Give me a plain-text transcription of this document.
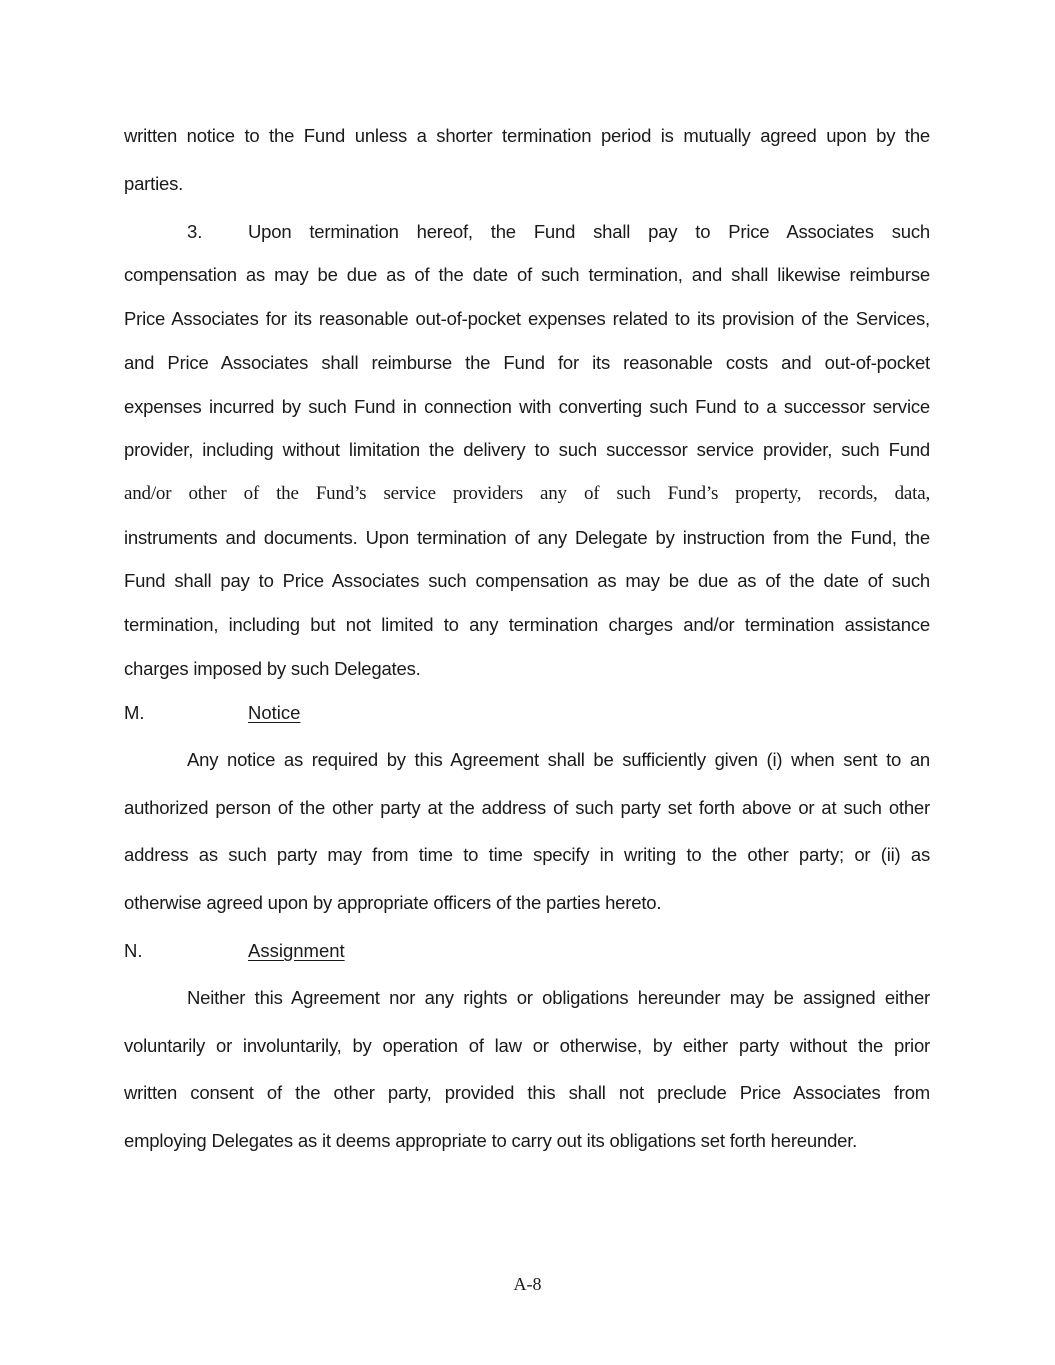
written notice to the Fund unless a shorter termination period is mutually agreed upon by the
parties.
3. Upon termination hereof, the Fund shall pay to Price Associates such
compensation as may be due as of the date of such termination, and shall likewise reimburse
Price Associates for its reasonable out-of-pocket expenses related to its provision of the Services,
and Price Associates shall reimburse the Fund for its reasonable costs and out-of-pocket
expenses incurred by such Fund in connection with converting such Fund to a successor service
provider, including without limitation the delivery to such successor service provider, such Fund
and/or other of the Fund’s service providers any of such Fund’s property, records, data,
instruments and documents. Upon termination of any Delegate by instruction from the Fund, the
Fund shall pay to Price Associates such compensation as may be due as of the date of such
termination, including but not limited to any termination charges and/or termination assistance
charges imposed by such Delegates.
M.	Notice
Any notice as required by this Agreement shall be sufficiently given (i) when sent to an
authorized person of the other party at the address of such party set forth above or at such other
address as such party may from time to time specify in writing to the other party; or (ii) as
otherwise agreed upon by appropriate officers of the parties hereto.
N.	Assignment
Neither this Agreement nor any rights or obligations hereunder may be assigned either
voluntarily or involuntarily, by operation of law or otherwise, by either party without the prior
written consent of the other party, provided this shall not preclude Price Associates from
employing Delegates as it deems appropriate to carry out its obligations set forth hereunder.
A-8
